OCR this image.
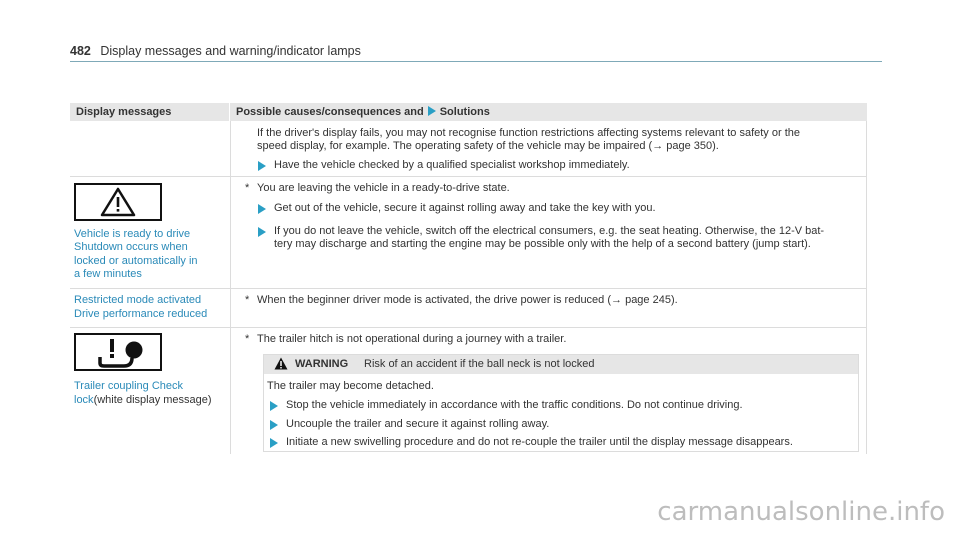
482 Display messages and warning/indicator lamps
Display messages	Possible causes/consequences and Solutions
If the driver's display fails, you may not recognise function restrictions affecting systems relevant to safety or the
speed display, for example. The operating safety of the vehicle may be impaired (→ page 350).
Have the vehicle checked by a qualified specialist workshop immediately.
Vehicle is ready to drive
Shutdown occurs when
locked or automatically in
a few minutes
* You are leaving the vehicle in a ready-to-drive state.
Get out of the vehicle, secure it against rolling away and take the key with you.
If you do not leave the vehicle, switch off the electrical consumers, e.g. the seat heating. Otherwise, the 12-V bat-
tery may discharge and starting the engine may be possible only with the help of a second battery (jump start).
Restricted mode activated
Drive performance reduced
* When the beginner driver mode is activated, the drive power is reduced (→ page 245).
Trailer coupling Check
lock(white display message)
* The trailer hitch is not operational during a journey with a trailer.
WARNING Risk of an accident if the ball neck is not locked
The trailer may become detached.
Stop the vehicle immediately in accordance with the traffic conditions. Do not continue driving.
Uncouple the trailer and secure it against rolling away.
Initiate a new swivelling procedure and do not re-couple the trailer until the display message disappears.
carmanualsonline.info
